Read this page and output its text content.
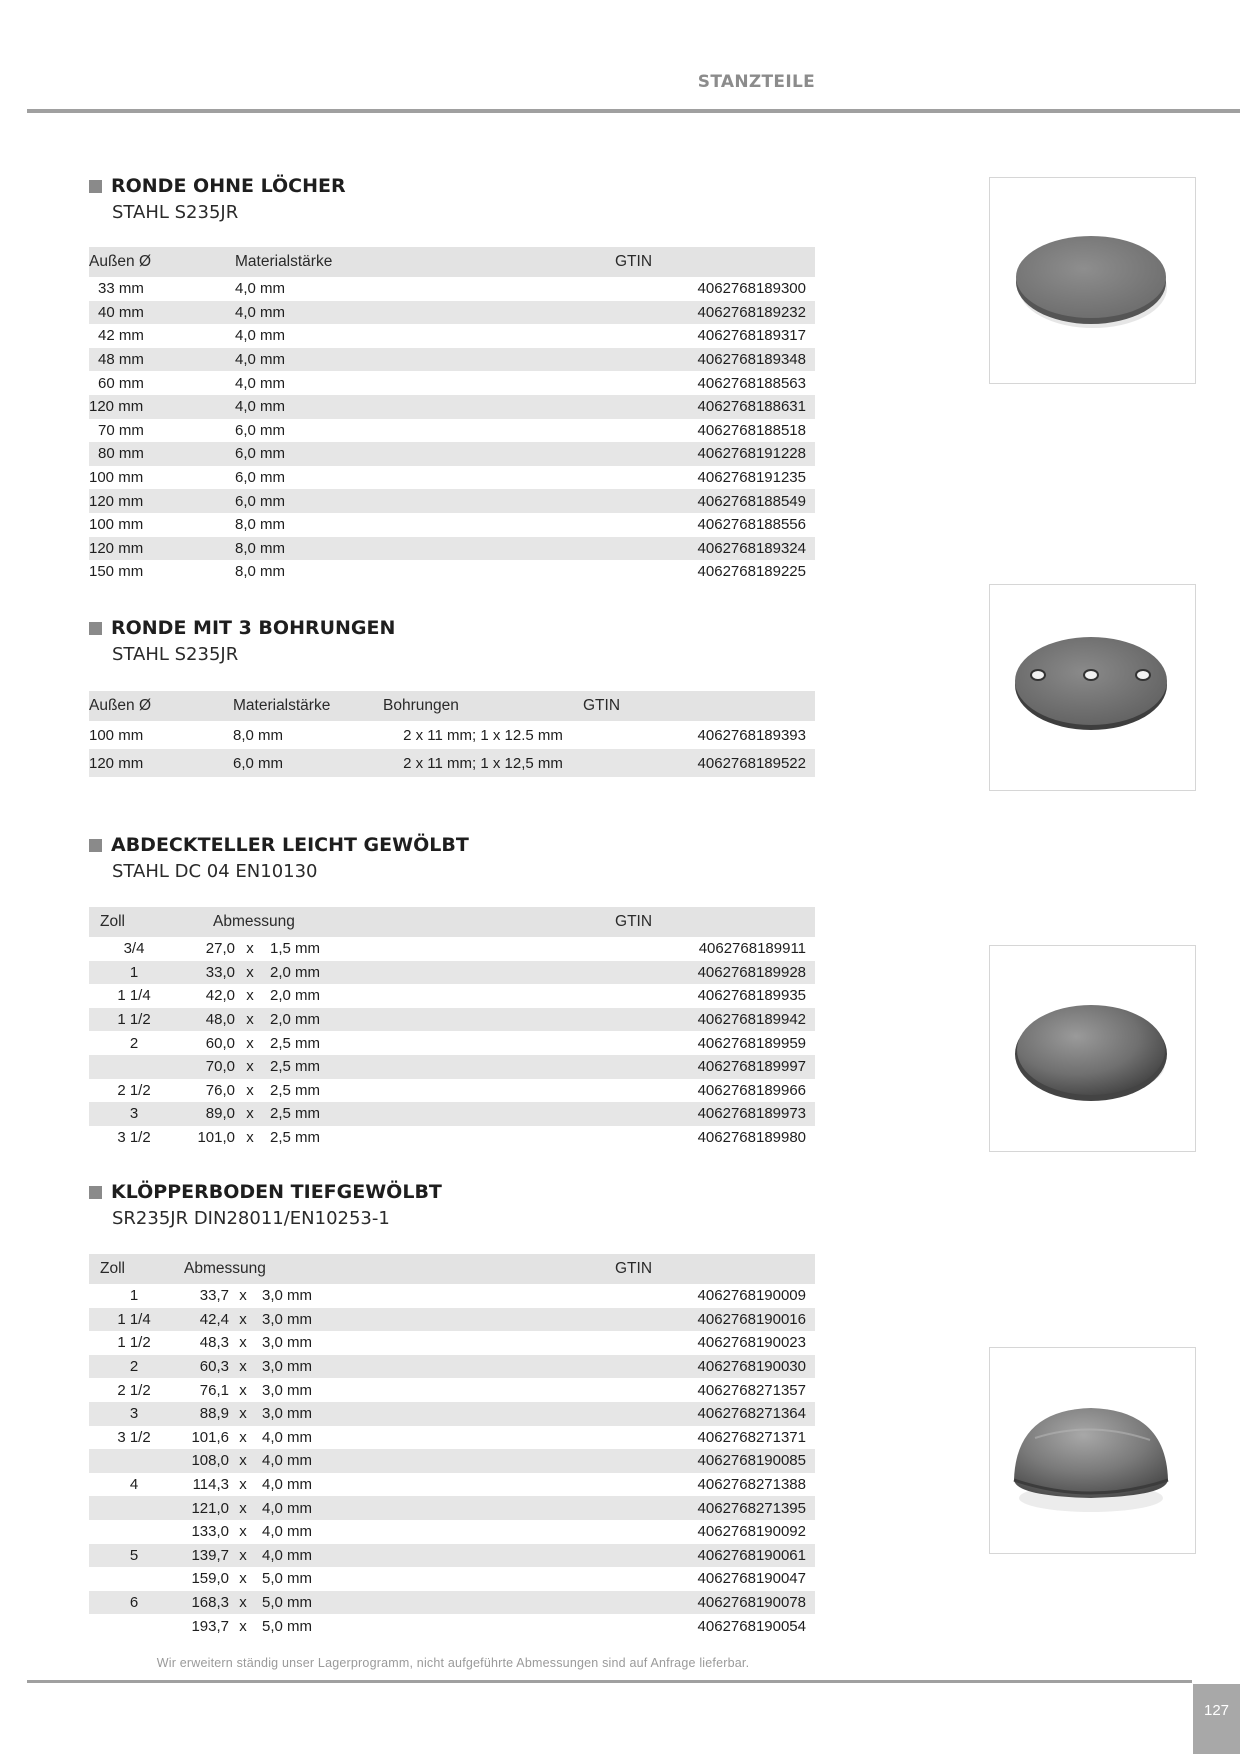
STANZTEILE
RONDE OHNE LÖCHER
STAHL S235JR
Außen Ø	Materialstärke	GTIN
33 mm	4,0 mm	4062768189300
40 mm	4,0 mm	4062768189232
42 mm	4,0 mm	4062768189317
48 mm	4,0 mm	4062768189348
60 mm	4,0 mm	4062768188563
120 mm	4,0 mm	4062768188631
70 mm	6,0 mm	4062768188518
80 mm	6,0 mm	4062768191228
100 mm	6,0 mm	4062768191235
120 mm	6,0 mm	4062768188549
100 mm	8,0 mm	4062768188556
120 mm	8,0 mm	4062768189324
150 mm	8,0 mm	4062768189225
RONDE MIT 3 BOHRUNGEN
STAHL S235JR
Außen Ø	Materialstärke	Bohrungen	GTIN
100 mm	8,0 mm	2 x 11 mm; 1 x 12.5 mm	4062768189393
120 mm	6,0 mm	2 x 11 mm; 1 x 12,5 mm	4062768189522
ABDECKTELLER LEICHT GEWÖLBT
STAHL DC 04 EN10130
Zoll	Abmessung			GTIN
3/4	27,0	x	1,5 mm	4062768189911
1	33,0	x	2,0 mm	4062768189928
1 1/4	42,0	x	2,0 mm	4062768189935
1 1/2	48,0	x	2,0 mm	4062768189942
2	60,0	x	2,5 mm	4062768189959
	70,0	x	2,5 mm	4062768189997
2 1/2	76,0	x	2,5 mm	4062768189966
3	89,0	x	2,5 mm	4062768189973
3 1/2	101,0	x	2,5 mm	4062768189980
KLÖPPERBODEN TIEFGEWÖLBT
SR235JR DIN28011/EN10253-1
Zoll	Abmessung			GTIN
1	33,7	x	3,0 mm	4062768190009
1 1/4	42,4	x	3,0 mm	4062768190016
1 1/2	48,3	x	3,0 mm	4062768190023
2	60,3	x	3,0 mm	4062768190030
2 1/2	76,1	x	3,0 mm	4062768271357
3	88,9	x	3,0 mm	4062768271364
3 1/2	101,6	x	4,0 mm	4062768271371
	108,0	x	4,0 mm	4062768190085
4	114,3	x	4,0 mm	4062768271388
	121,0	x	4,0 mm	4062768271395
	133,0	x	4,0 mm	4062768190092
5	139,7	x	4,0 mm	4062768190061
	159,0	x	5,0 mm	4062768190047
6	168,3	x	5,0 mm	4062768190078
	193,7	x	5,0 mm	4062768190054
Wir erweitern ständig unser Lagerprogramm, nicht aufgeführte Abmessungen sind auf Anfrage lieferbar.
127
